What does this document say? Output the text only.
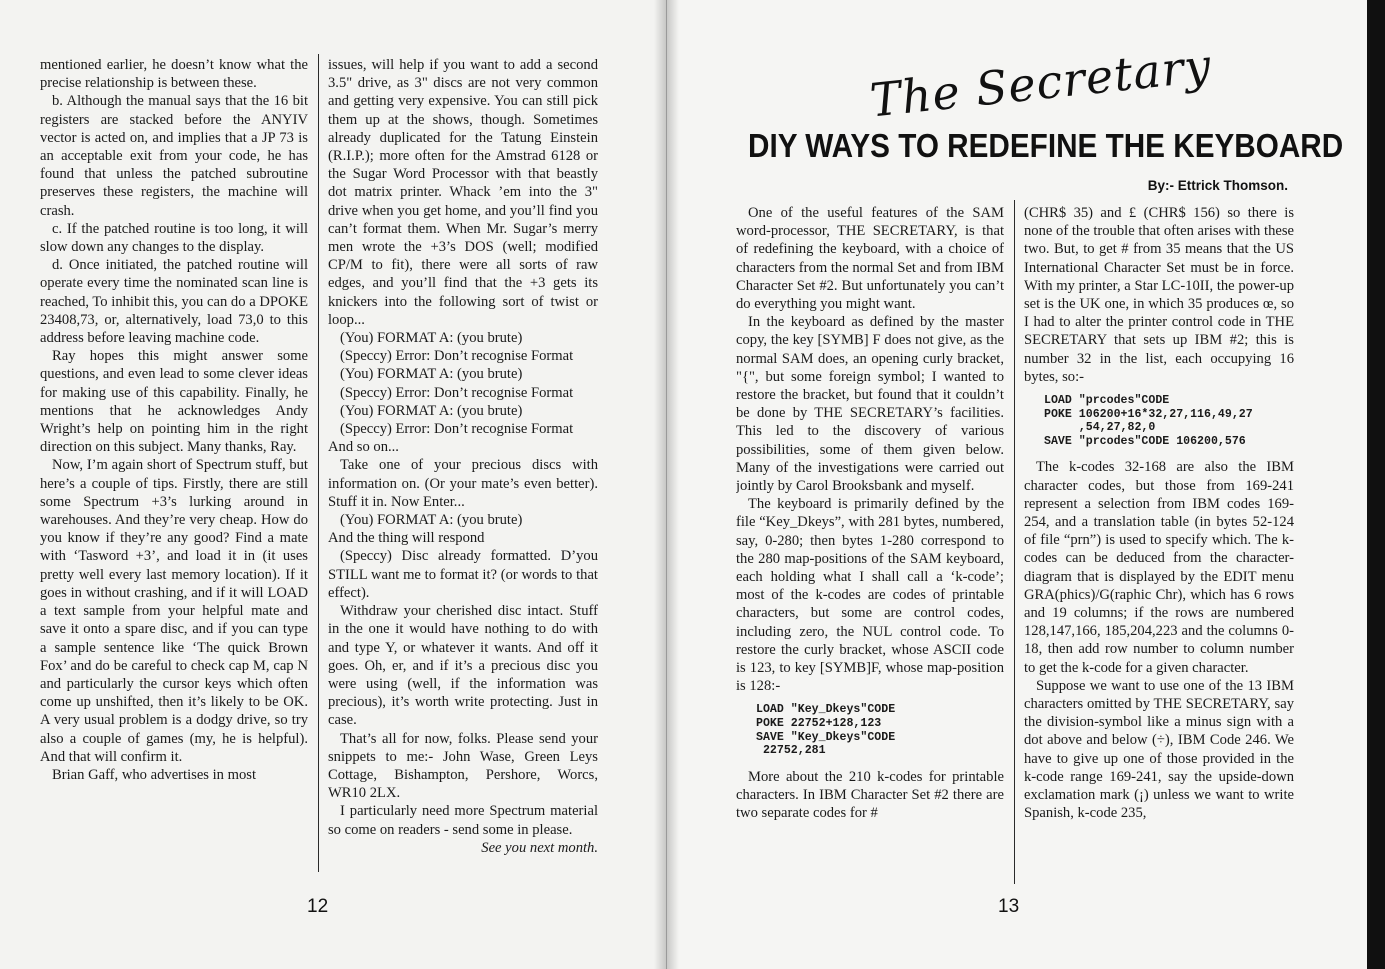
mentioned earlier, he doesn’t know what the precise relationship is between these.

b. Although the manual says that the 16 bit registers are stacked before the ANYIV vector is acted on, and implies that a JP 73 is an acceptable exit from your code, he has found that unless the patched subroutine preserves these registers, the machine will crash.

c. If the patched routine is too long, it will slow down any changes to the display.

d. Once initiated, the patched routine will operate every time the nominated scan line is reached, To inhibit this, you can do a DPOKE 23408,73, or, alternatively, load 73,0 to this address before leaving machine code.

Ray hopes this might answer some questions, and even lead to some clever ideas for making use of this capability. Finally, he mentions that he acknowledges Andy Wright’s help on pointing him in the right direction on this subject. Many thanks, Ray.

Now, I’m again short of Spectrum stuff, but here’s a couple of tips. Firstly, there are still some Spectrum +3’s lurking around in warehouses. And they’re very cheap. How do you know if they’re any good? Find a mate with ‘Tasword +3’, and load it in (it uses pretty well every last memory location). If it goes in without crashing, and if it will LOAD a text sample from your helpful mate and save it onto a spare disc, and if you can type a sample sentence like ‘The quick Brown Fox’ and do be careful to check cap M, cap N and particularly the cursor keys which often come up unshifted, then it’s likely to be OK. A very usual problem is a dodgy drive, so try also a couple of games (my, he is helpful). And that will confirm it.

Brian Gaff, who advertises in most

issues, will help if you want to add a second 3.5" drive, as 3" discs are not very common and getting very expensive. You can still pick them up at the shows, though. Sometimes already duplicated for the Tatung Einstein (R.I.P.); more often for the Amstrad 6128 or the Sugar Word Processor with that beastly dot matrix printer. Whack ’em into the 3" drive when you get home, and you’ll find you can’t format them. When Mr. Sugar’s merry men wrote the +3’s DOS (well; modified CP/M to fit), there were all sorts of raw edges, and you’ll find that the +3 gets its knickers into the following sort of twist or loop...

(You) FORMAT A: (you brute)

(Speccy) Error: Don’t recognise Format

(You) FORMAT A: (you brute)

(Speccy) Error: Don’t recognise Format

(You) FORMAT A: (you brute)

(Speccy) Error: Don’t recognise Format

And so on...

Take one of your precious discs with information on. (Or your mate’s even better). Stuff it in. Now Enter...

(You) FORMAT A: (you brute)

And the thing will respond

(Speccy) Disc already formatted. D’you STILL want me to format it? (or words to that effect).

Withdraw your cherished disc intact. Stuff in the one it would have nothing to do with and type Y, or whatever it wants. And off it goes. Oh, er, and if it’s a precious disc you were using (well, if the information was precious), it’s worth write protecting. Just in case.

That’s all for now, folks. Please send your snippets to me:- John Wase, Green Leys Cottage, Bishampton, Pershore, Worcs, WR10 2LX.

I particularly need more Spectrum material so come on readers - send some in please.
See you next month.

12
The Secretary
DIY WAYS TO REDEFINE THE KEYBOARD
By:- Ettrick Thomson.

One of the useful features of the SAM word-processor, THE SECRETARY, is that of redefining the keyboard, with a choice of characters from the normal Set and from IBM Character Set #2. But unfortunately you can’t do everything you might want.

In the keyboard as defined by the master copy, the key [SYMB] F does not give, as the normal SAM does, an opening curly bracket, "{", but some foreign symbol; I wanted to restore the bracket, but found that it couldn’t be done by THE SECRETARY’s facilities. This led to the discovery of various possibilities, some of them given below. Many of the investigations were carried out jointly by Carol Brooksbank and myself.

The keyboard is primarily defined by the file “Key_Dkeys”, with 281 bytes, numbered, say, 0-280; then bytes 1-280 correspond to the 280 map-positions of the SAM keyboard, each holding what I shall call a ‘k-code’; most of the k-codes are codes of printable characters, but some are control codes, including zero, the NUL control code. To restore the curly bracket, whose ASCII code is 123, to key [SYMB]F, whose map-position is 128:-

LOAD "Key_Dkeys"CODE
POKE 22752+128,123
SAVE "Key_Dkeys"CODE
22752,281

More about the 210 k-codes for printable characters. In IBM Character Set #2 there are two separate codes for #

(CHR$ 35) and £ (CHR$ 156) so there is none of the trouble that often arises with these two. But, to get # from 35 means that the US International Character Set must be in force. With my printer, a Star LC-10II, the power-up set is the UK one, in which 35 produces œ, so I had to alter the printer control code in THE SECRETARY that sets up IBM #2; this is number 32 in the list, each occupying 16 bytes, so:-

LOAD "prcodes"CODE
POKE 106200+16*32,27,116,49,27
,54,27,82,0
SAVE "prcodes"CODE 106200,576

The k-codes 32-168 are also the IBM character codes, but those from 169-241 represent a selection from IBM codes 169-254, and a translation table (in bytes 52-124 of file “prn”) is used to specify which. The k-codes can be deduced from the character-diagram that is displayed by the EDIT menu GRA(phics)/G(raphic Chr), which has 6 rows and 19 columns; if the rows are numbered 128,147,166, 185,204,223 and the columns 0-18, then add row number to column number to get the k-code for a given character.

Suppose we want to use one of the 13 IBM characters omitted by THE SECRETARY, say the division-symbol like a minus sign with a dot above and below (÷), IBM Code 246. We have to give up one of those provided in the k-code range 169-241, say the upside-down exclamation mark (¡) unless we want to write Spanish, k-code 235,

13
